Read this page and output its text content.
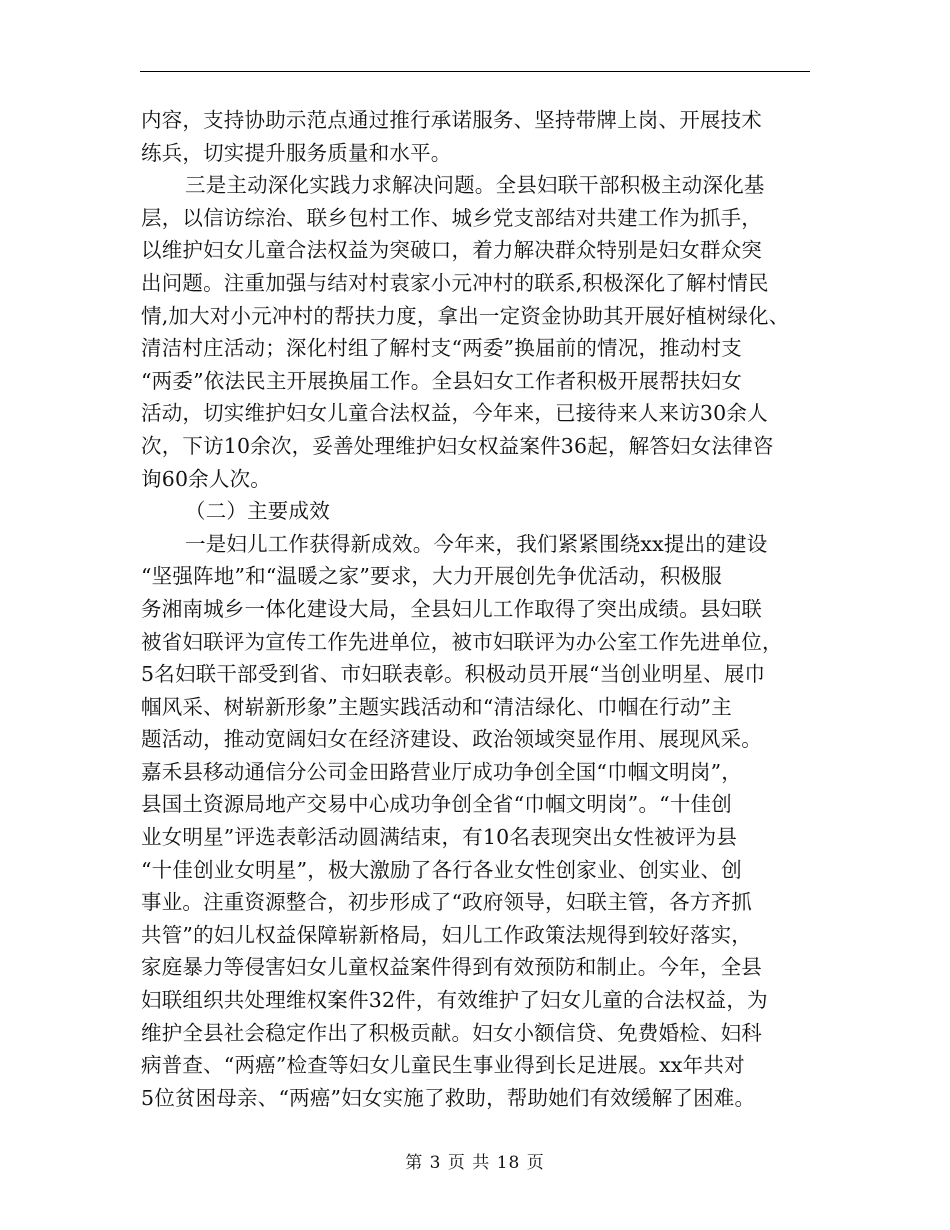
内容，支持协助示范点通过推行承诺服务、坚持带牌上岗、开展技术
练兵，切实提升服务质量和水平。
三是主动深化实践力求解决问题。全县妇联干部积极主动深化基
层，以信访综治、联乡包村工作、城乡党支部结对共建工作为抓手，
以维护妇女儿童合法权益为突破口，着力解决群众特别是妇女群众突
出问题。注重加强与结对村袁家小元冲村的联系,积极深化了解村情民
情,加大对小元冲村的帮扶力度，拿出一定资金协助其开展好植树绿化、
清洁村庄活动；深化村组了解村支“两委”换届前的情况，推动村支
“两委”依法民主开展换届工作。全县妇女工作者积极开展帮扶妇女
活动，切实维护妇女儿童合法权益，今年来，已接待来人来访30余人
次，下访10余次，妥善处理维护妇女权益案件36起，解答妇女法律咨
询60余人次。
（二）主要成效
一是妇儿工作获得新成效。今年来，我们紧紧围绕xx提出的建设
“坚强阵地”和“温暖之家”要求，大力开展创先争优活动，积极服
务湘南城乡一体化建设大局，全县妇儿工作取得了突出成绩。县妇联
被省妇联评为宣传工作先进单位，被市妇联评为办公室工作先进单位，
5名妇联干部受到省、市妇联表彰。积极动员开展“当创业明星、展巾
帼风采、树崭新形象”主题实践活动和“清洁绿化、巾帼在行动”主
题活动，推动宽阔妇女在经济建设、政治领域突显作用、展现风采。
嘉禾县移动通信分公司金田路营业厅成功争创全国“巾帼文明岗”，
县国土资源局地产交易中心成功争创全省“巾帼文明岗”。“十佳创
业女明星”评选表彰活动圆满结束，有10名表现突出女性被评为县
“十佳创业女明星”，极大激励了各行各业女性创家业、创实业、创
事业。注重资源整合，初步形成了“政府领导，妇联主管，各方齐抓
共管”的妇儿权益保障崭新格局，妇儿工作政策法规得到较好落实，
家庭暴力等侵害妇女儿童权益案件得到有效预防和制止。今年，全县
妇联组织共处理维权案件32件，有效维护了妇女儿童的合法权益，为
维护全县社会稳定作出了积极贡献。妇女小额信贷、免费婚检、妇科
病普查、“两癌”检查等妇女儿童民生事业得到长足进展。xx年共对
5位贫困母亲、“两癌”妇女实施了救助，帮助她们有效缓解了困难。
第 3 页 共 18 页
